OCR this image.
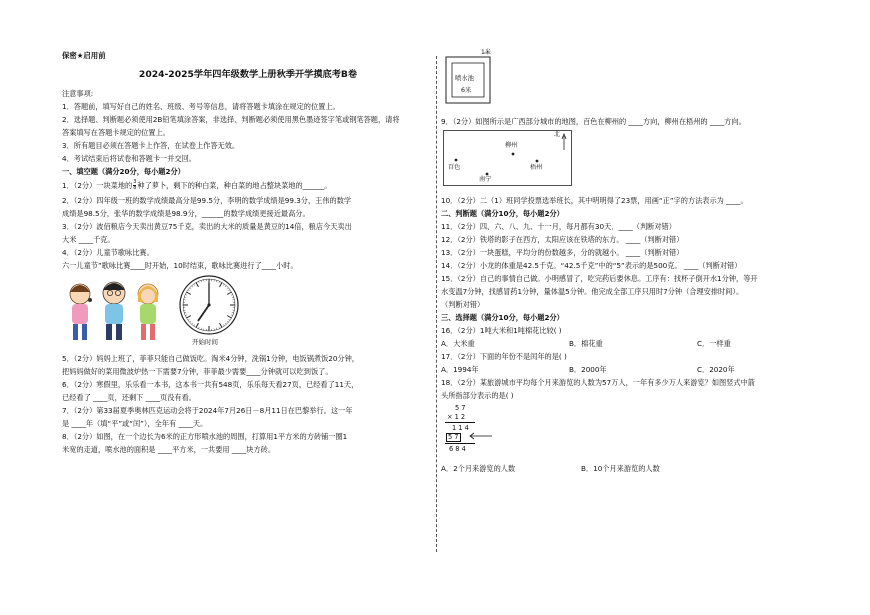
保密★启用前
2024-2025学年四年级数学上册秋季开学摸底考B卷
注意事项:
1．答题前，填写好自己的姓名、班级、考号等信息，请将答题卡填涂在规定的位置上。
2．选择题、判断题必须使用2B铅笔填涂答案，非选择、判断题必须使用黑色墨迹签字笔或钢笔答题，请将
答案填写在答题卡规定的位置上。
3．所有题目必须在答题卡上作答，在试卷上作答无效。
4．考试结束后将试卷和答题卡一并交回。
一、填空题（满分20分，每小题2分）
1．（2分）一块菜地的 $\frac{3}{8}$ 种了萝卜，剩下的种白菜，种白菜的地占整块菜地的______。
2．（2分）四年级一班的数学成绩最高分是99.5分，李明的数学成绩是99.3分，王伟的数学
成绩是98.5分，张华的数学成绩是98.9分，______的数学成绩更接近最高分。
3．（2分）波佰粮店今天卖出黄豆75千克，卖出的大米的质量是黄豆的14倍，粮店今天卖出
大米 ____千克。
4．（2分）儿童节歌咏比赛。
六一儿童节”歌咏比赛____时开始，10时结束，歌咏比赛进行了____小时。
开始时间
5．（2分）妈妈上班了，菲菲只能自己做饭吃。淘米4分钟，洗锅1分钟，电饭锅煮饭20分钟，
把妈妈做好的菜用微波炉热一下需要7分钟，菲菲最少需要____分钟就可以吃到饭了。
6．（2分）寒假里，乐乐看一本书，这本书一共有548页，乐乐每天看27页，已经看了11天，
已经看了 ____页，还剩下 ____页没有看。
7．（2分）第33届夏季奥林匹克运动会将于2024年7月26日－8月11日在巴黎举行。这一年
是 ____年（填“平”或“闰”），全年有 ____天。
8．（2分）如图，在一个边长为6米的正方形喷水池的周围，打算用1平方米的方砖铺一圈1
米宽的走道，喷水池的面积是 ____平方米，一共要用 ____块方砖。
1米
喷水池
6米
9．（2分）如图所示是广西部分城市的地图，百色在柳州的 ____方向，柳州在梧州的 ____方向。
北
柳州
百色	梧州
南宁
10．（2分）二（1）班同学投票选举班长，其中明明得了23票，用画“正”字的方法表示为 ____。
二、判断题（满分10分，每小题2分）
11．（2分）四、六、八、九、十一月，每月都有30天．____（判断对错）
12．（2分）铁塔的影子在西方，太阳应该在铁塔的东方。 ____（判断对错）
13．（2分）一块蛋糕，平均分的份数越多，分的就越小。 ____（判断对错）
14．（2分）小龙的体重是42.5千克。“42.5千克”中的“5”表示的是500克。 ____（判断对错）
15．（2分）自己的事情自己做。小明感冒了，吃完药后要休息。工序有：找杯子倒开水1分钟，等开
水变温7分钟，找感冒药1分钟，量体温5分钟。他完成全部工序只用时7分钟（合理安排时间）。
（判断对错）
三、选择题（满分10分，每小题2分）
16．（2分）1吨大米和1吨棉花比较( )
A．大米重	B．棉花重	C．一样重
17．（2分）下面的年份不是闰年的是( )
A．1994年	B．2000年	C．2020年
18．（2分）某旅游城市平均每个月来游览的人数为57万人，一年有多少万人来游览？如图竖式中箭
头所指部分表示的是( )
5 7
× 1 2
1 1 4
5 7
6 8 4
A．2个月来游览的人数	B．10个月来游览的人数
